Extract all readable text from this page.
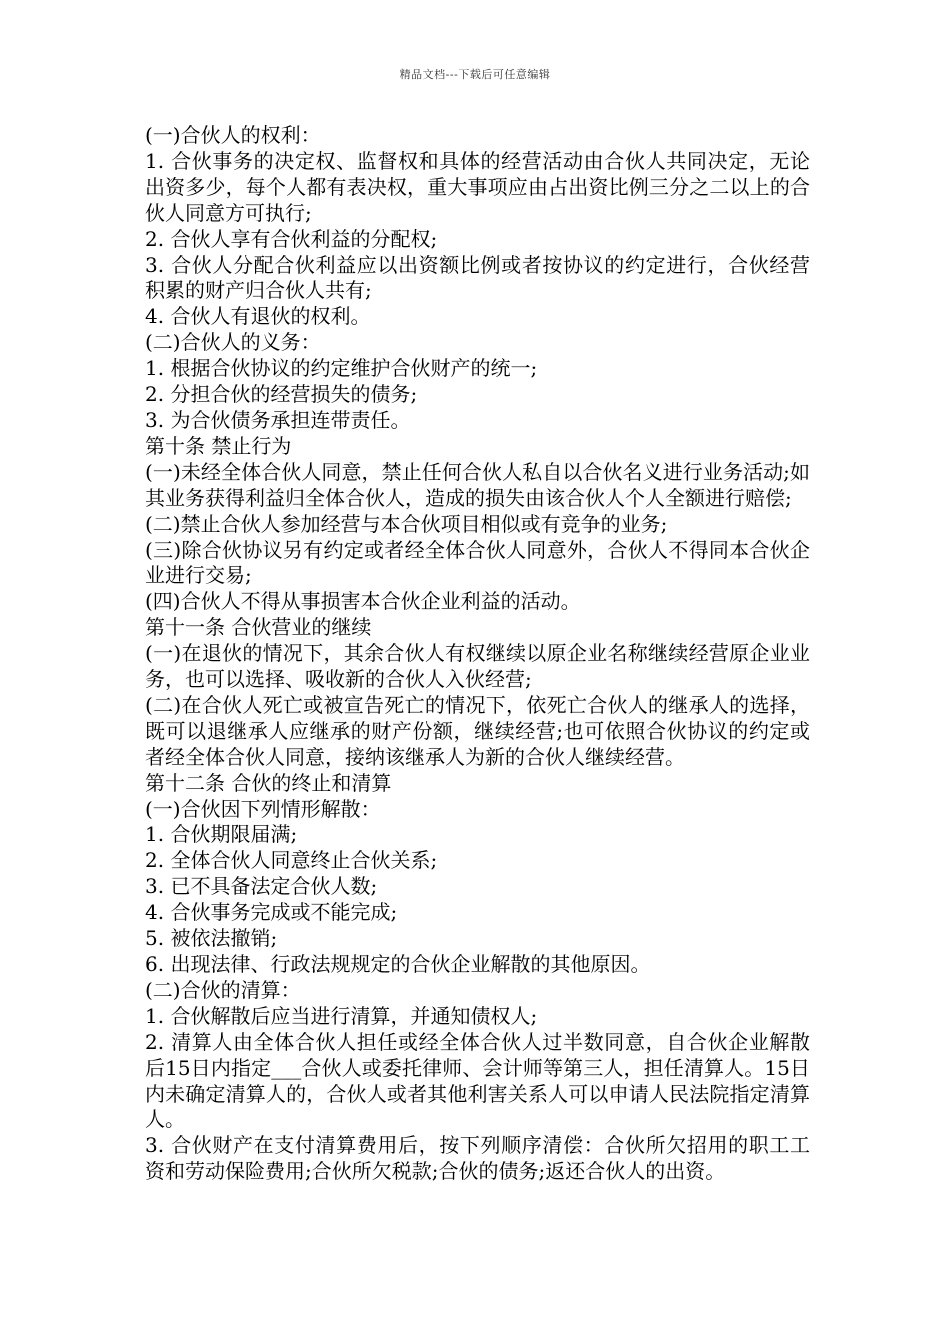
精品文档---下载后可任意编辑

(一)合伙人的权利：

1. 合伙事务的决定权、监督权和具体的经营活动由合伙人共同决定，无论出资多少，每个人都有表决权，重大事项应由占出资比例三分之二以上的合伙人同意方可执行;

2. 合伙人享有合伙利益的分配权;

3. 合伙人分配合伙利益应以出资额比例或者按协议的约定进行，合伙经营积累的财产归合伙人共有;

4. 合伙人有退伙的权利。

(二)合伙人的义务：

1. 根据合伙协议的约定维护合伙财产的统一;

2. 分担合伙的经营损失的债务;

3. 为合伙债务承担连带责任。

第十条 禁止行为

(一)未经全体合伙人同意，禁止任何合伙人私自以合伙名义进行业务活动;如其业务获得利益归全体合伙人，造成的损失由该合伙人个人全额进行赔偿;

(二)禁止合伙人参加经营与本合伙项目相似或有竞争的业务;

(三)除合伙协议另有约定或者经全体合伙人同意外，合伙人不得同本合伙企业进行交易;

(四)合伙人不得从事损害本合伙企业利益的活动。

第十一条 合伙营业的继续

(一)在退伙的情况下，其余合伙人有权继续以原企业名称继续经营原企业业务，也可以选择、吸收新的合伙人入伙经营;

(二)在合伙人死亡或被宣告死亡的情况下，依死亡合伙人的继承人的选择，既可以退继承人应继承的财产份额，继续经营;也可依照合伙协议的约定或者经全体合伙人同意，接纳该继承人为新的合伙人继续经营。

第十二条 合伙的终止和清算

(一)合伙因下列情形解散：

1. 合伙期限届满;

2. 全体合伙人同意终止合伙关系;

3. 已不具备法定合伙人数;

4. 合伙事务完成或不能完成;

5. 被依法撤销;

6. 出现法律、行政法规规定的合伙企业解散的其他原因。

(二)合伙的清算：

1. 合伙解散后应当进行清算，并通知债权人;

2. 清算人由全体合伙人担任或经全体合伙人过半数同意，自合伙企业解散后15日内指定___合伙人或委托律师、会计师等第三人，担任清算人。15日内未确定清算人的，合伙人或者其他利害关系人可以申请人民法院指定清算人。

3. 合伙财产在支付清算费用后，按下列顺序清偿：合伙所欠招用的职工工资和劳动保险费用;合伙所欠税款;合伙的债务;返还合伙人的出资。
